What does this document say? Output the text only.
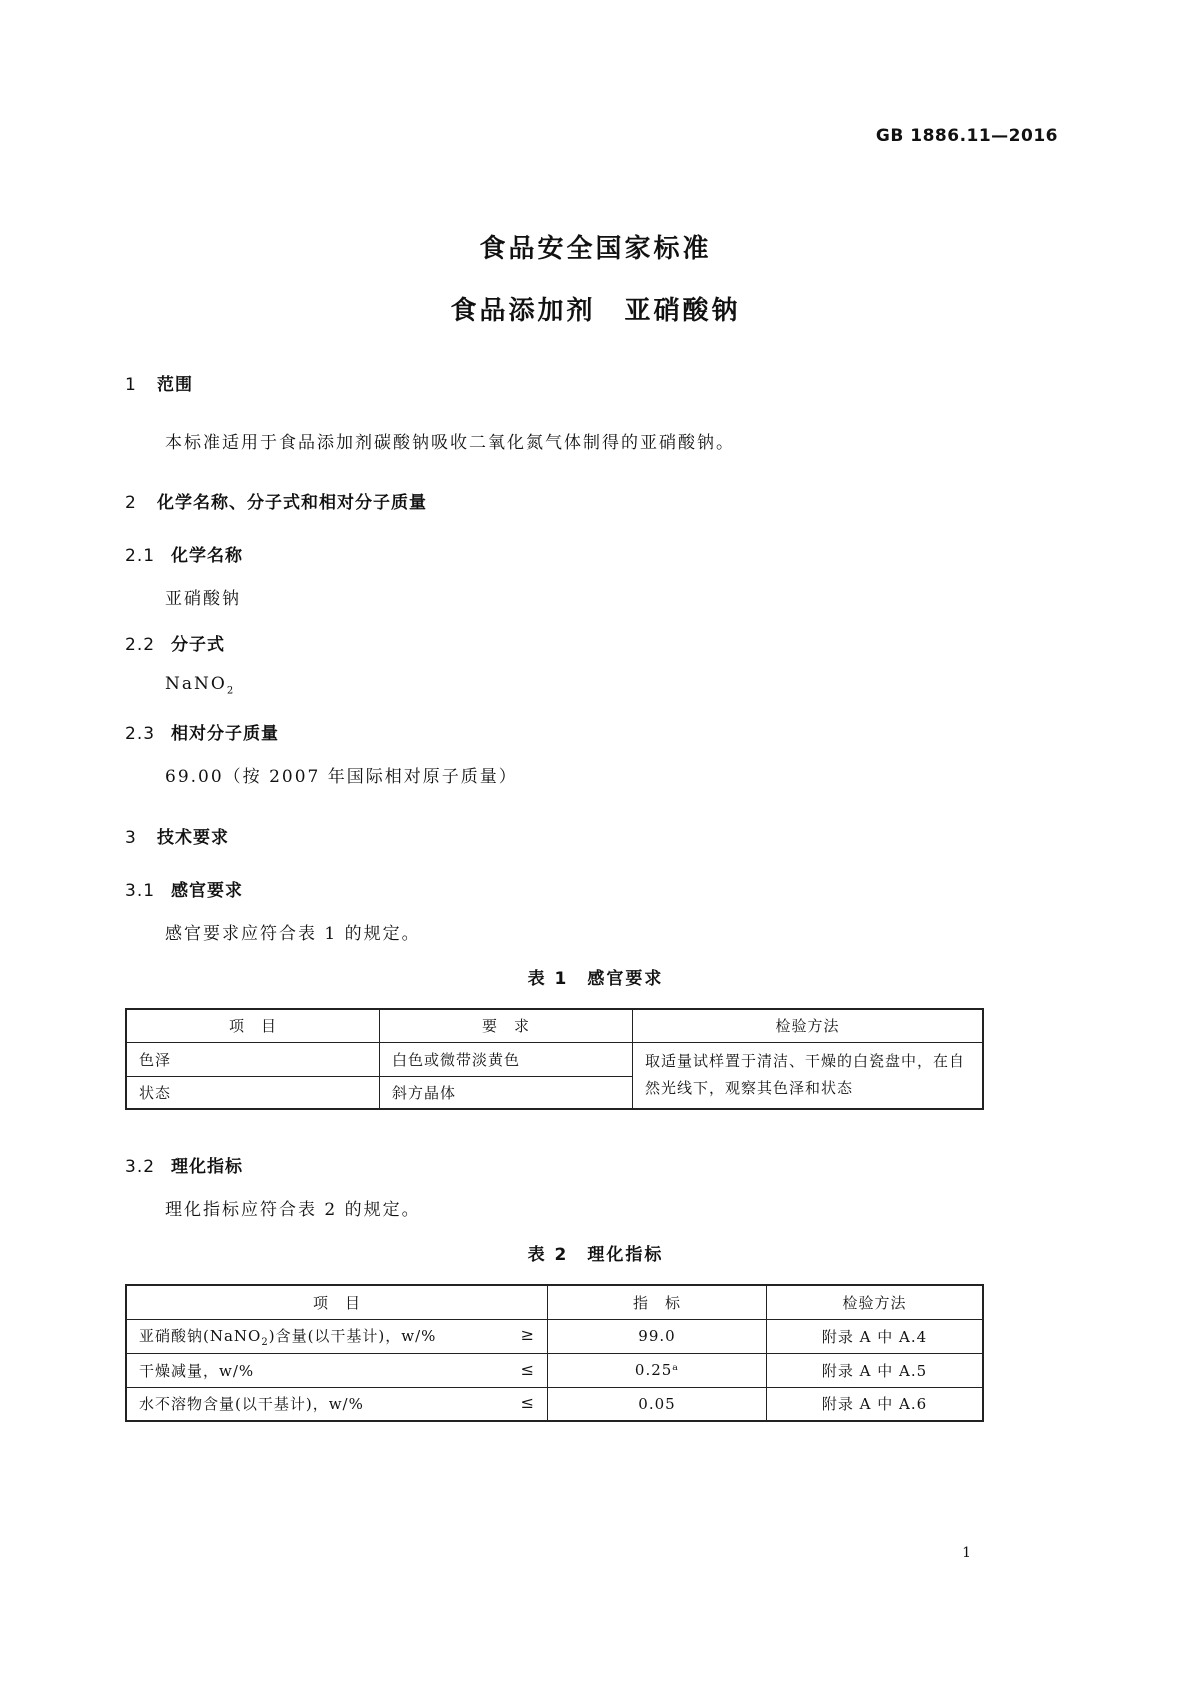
GB 1886.11—2016
食品安全国家标准
食品添加剂　亚硝酸钠
1 范围
本标准适用于食品添加剂碳酸钠吸收二氧化氮气体制得的亚硝酸钠。
2 化学名称、分子式和相对分子质量
2.1 化学名称
亚硝酸钠
2.2 分子式
NaNO$_2$
2.3 相对分子质量
69.00（按 2007 年国际相对原子质量）
3 技术要求
3.1 感官要求
感官要求应符合表 1 的规定。
表 1　感官要求
项　目	要　求	检验方法
色泽	白色或微带淡黄色	取适量试样置于清洁、干燥的白瓷盘中，在自然光线下，观察其色泽和状态
状态	斜方晶体	
3.2 理化指标
理化指标应符合表 2 的规定。
表 2　理化指标
项　目	指　标	检验方法
亚硝酸钠(NaNO$_2$)含量(以干基计)，w/% ≥	99.0	附录 A 中 A.4
干燥减量，w/% ≤	0.25ᵃ	附录 A 中 A.5
水不溶物含量(以干基计)，w/% ≤	0.05	附录 A 中 A.6
1
